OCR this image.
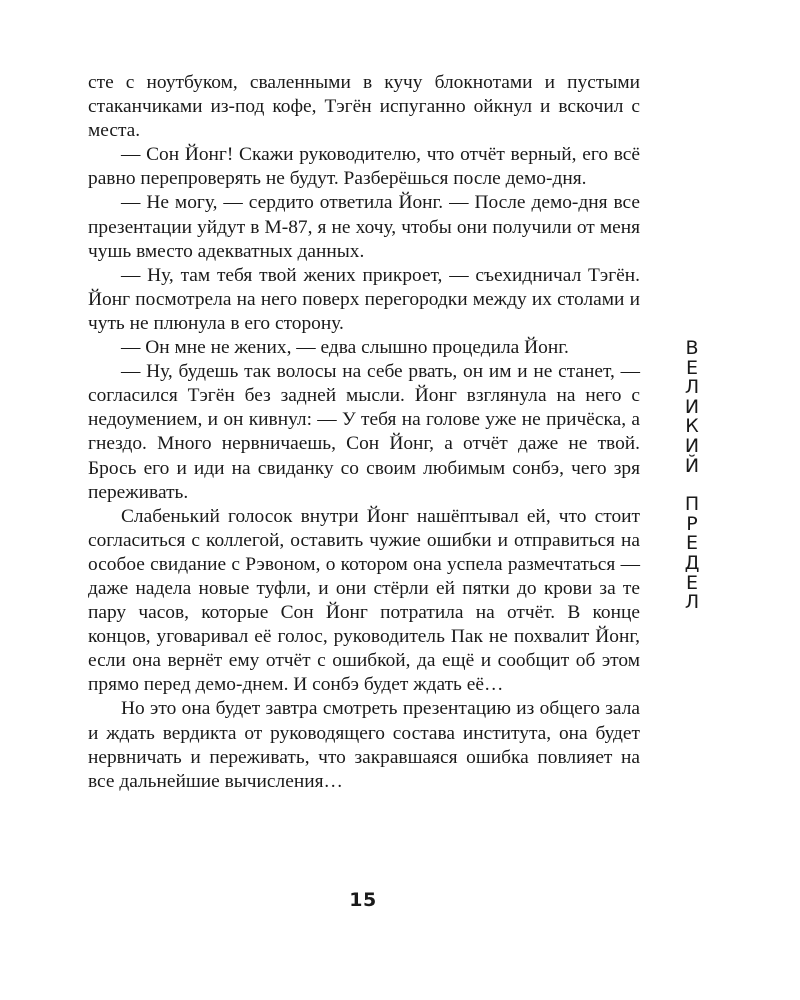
сте с ноутбуком, сваленными в кучу блокнотами и пустыми стаканчиками из-под кофе, Тэгён испуганно ойкнул и вскочил с места.

— Сон Йонг! Скажи руководителю, что отчёт верный, его всё равно перепроверять не будут. Разберёшься после демо-дня.

— Не могу, — сердито ответила Йонг. — После демо-дня все презентации уйдут в М-87, я не хочу, чтобы они получили от меня чушь вместо адекватных данных.

— Ну, там тебя твой жених прикроет, — съехидничал Тэгён. Йонг посмотрела на него поверх перегородки между их столами и чуть не плюнула в его сторону.

— Он мне не жених, — едва слышно процедила Йонг.

— Ну, будешь так волосы на себе рвать, он им и не станет, — согласился Тэгён без задней мысли. Йонг взглянула на него с недоумением, и он кивнул: — У тебя на голове уже не причёска, а гнездо. Много нервничаешь, Сон Йонг, а отчёт даже не твой. Брось его и иди на свиданку со своим любимым сонбэ, чего зря переживать.

Слабенький голосок внутри Йонг нашёптывал ей, что стоит согласиться с коллегой, оставить чужие ошибки и отправиться на особое свидание с Рэвоном, о котором она успела размечтаться — даже надела новые туфли, и они стёрли ей пятки до крови за те пару часов, которые Сон Йонг потратила на отчёт. В конце концов, уговаривал её голос, руководитель Пак не похвалит Йонг, если она вернёт ему отчёт с ошибкой, да ещё и сообщит об этом прямо перед демо-днем. И сонбэ будет ждать её…

Но это она будет завтра смотреть презентацию из общего зала и ждать вердикта от руководящего состава института, она будет нервничать и переживать, что закравшаяся ошибка повлияет на все дальнейшие вычисления…

15
В
Е
Л
И
К
И
Й
П
Р
Е
Д
Е
Л
